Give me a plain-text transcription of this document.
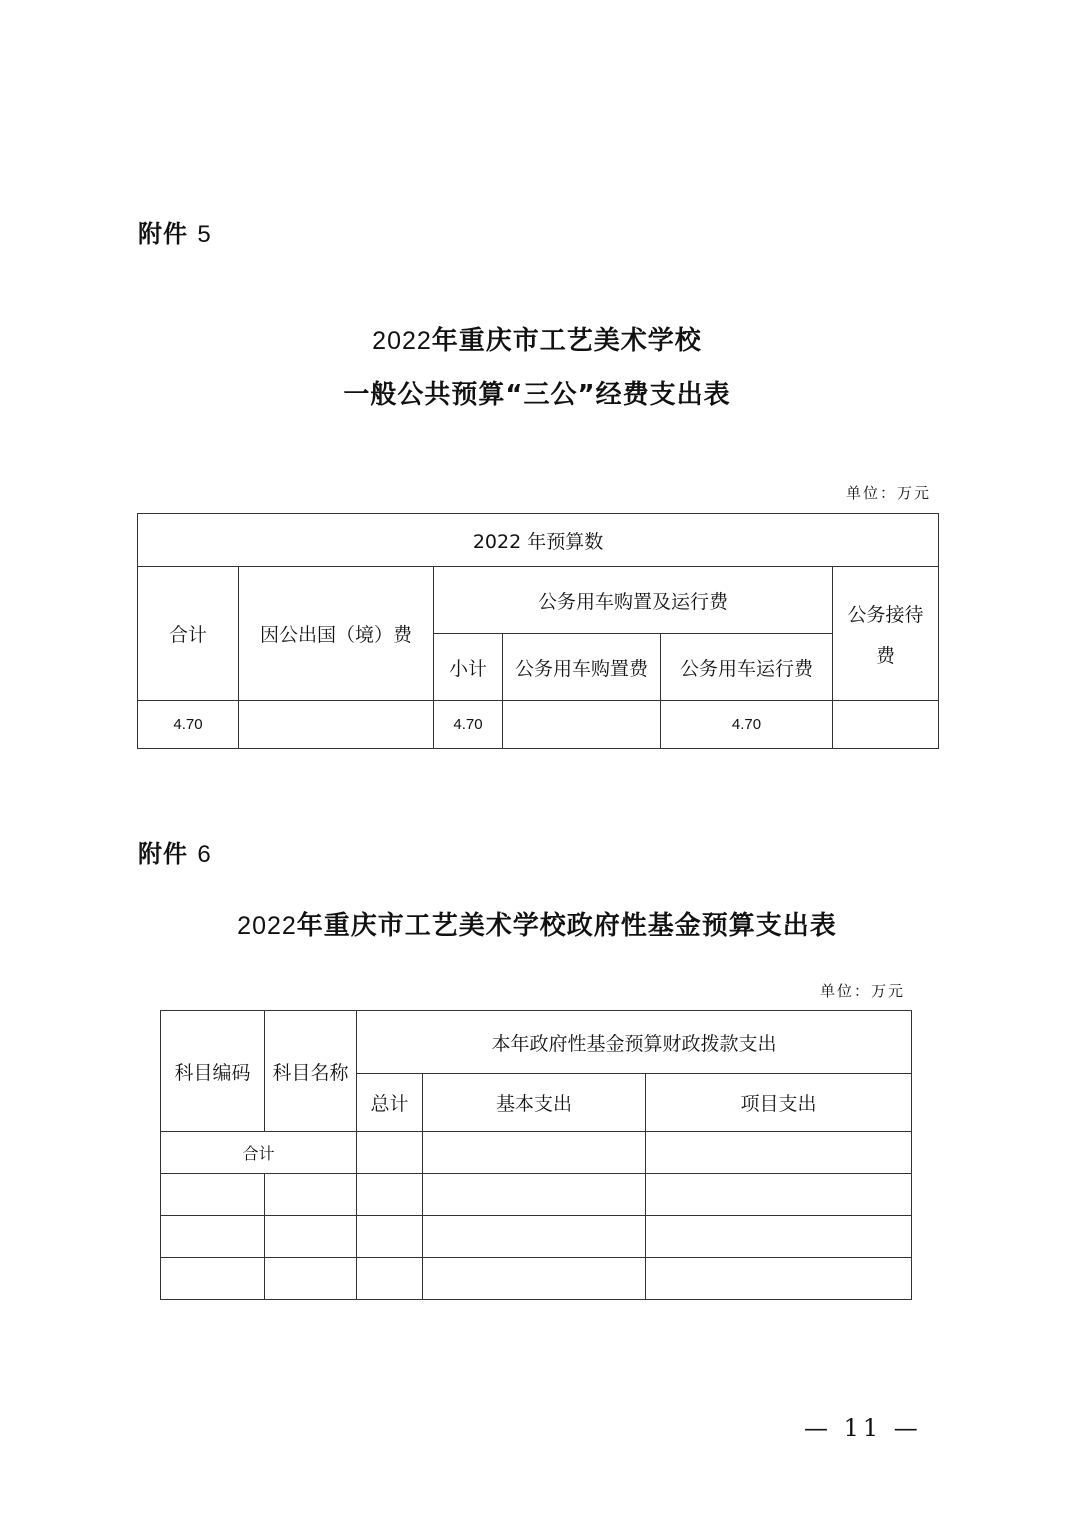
附件 5
2022年重庆市工艺美术学校
一般公共预算“三公”经费支出表
单位：万元
2022 年预算数					
合计	因公出国（境）费	公务用车购置及运行费			公务接待
费

		小计	公务用车购置费	公务用车运行费	
4.70		4.70		4.70	
附件 6
2022年重庆市工艺美术学校政府性基金预算支出表
单位：万元
科目编码	科目名称	本年政府性基金预算财政拨款支出		
		总计	基本支出	项目支出
合计				

— 11 —
